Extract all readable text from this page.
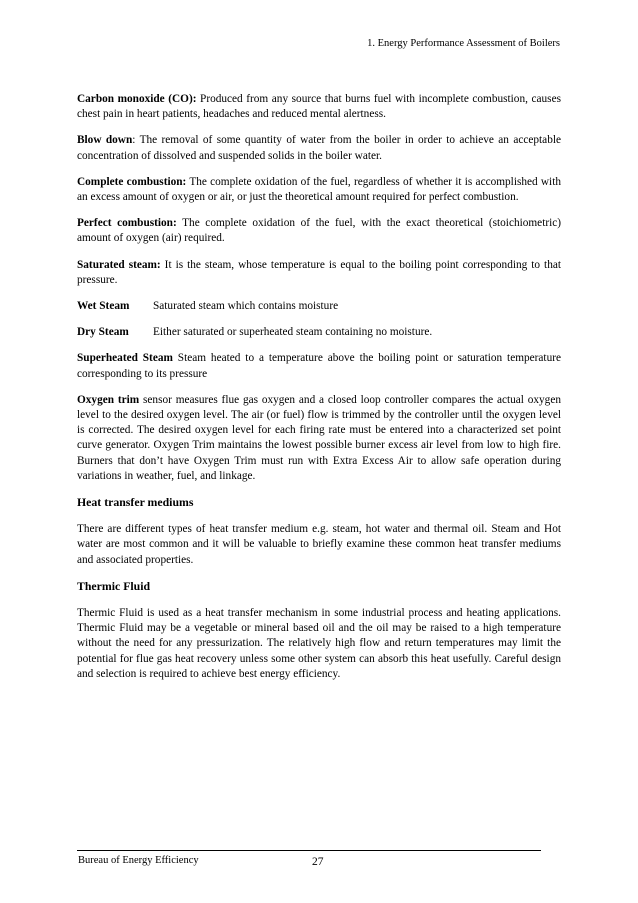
1. Energy Performance Assessment of Boilers

Carbon monoxide (CO): Produced from any source that burns fuel with incomplete combustion, causes chest pain in heart patients, headaches and reduced mental alertness.

Blow down: The removal of some quantity of water from the boiler in order to achieve an acceptable concentration of dissolved and suspended solids in the boiler water.

Complete combustion: The complete oxidation of the fuel, regardless of whether it is accomplished with an excess amount of oxygen or air, or just the theoretical amount required for perfect combustion.

Perfect combustion: The complete oxidation of the fuel, with the exact theoretical (stoichiometric) amount of oxygen (air) required.

Saturated steam: It is the steam, whose temperature is equal to the boiling point corresponding to that pressure.

Wet Steam Saturated steam which contains moisture

Dry Steam Either saturated or superheated steam containing no moisture.

Superheated Steam Steam heated to a temperature above the boiling point or saturation temperature corresponding to its pressure

Oxygen trim sensor measures flue gas oxygen and a closed loop controller compares the actual oxygen level to the desired oxygen level. The air (or fuel) flow is trimmed by the controller until the oxygen level is corrected. The desired oxygen level for each firing rate must be entered into a characterized set point curve generator. Oxygen Trim maintains the lowest possible burner excess air level from low to high fire. Burners that don’t have Oxygen Trim must run with Extra Excess Air to allow safe operation during variations in weather, fuel, and linkage.

Heat transfer mediums

There are different types of heat transfer medium e.g. steam, hot water and thermal oil. Steam and Hot water are most common and it will be valuable to briefly examine these common heat transfer mediums and associated properties.

Thermic Fluid

Thermic Fluid is used as a heat transfer mechanism in some industrial process and heating applications. Thermic Fluid may be a vegetable or mineral based oil and the oil may be raised to a high temperature without the need for any pressurization. The relatively high flow and return temperatures may limit the potential for flue gas heat recovery unless some other system can absorb this heat usefully. Careful design and selection is required to achieve best energy efficiency.

Bureau of Energy Efficiency	27
